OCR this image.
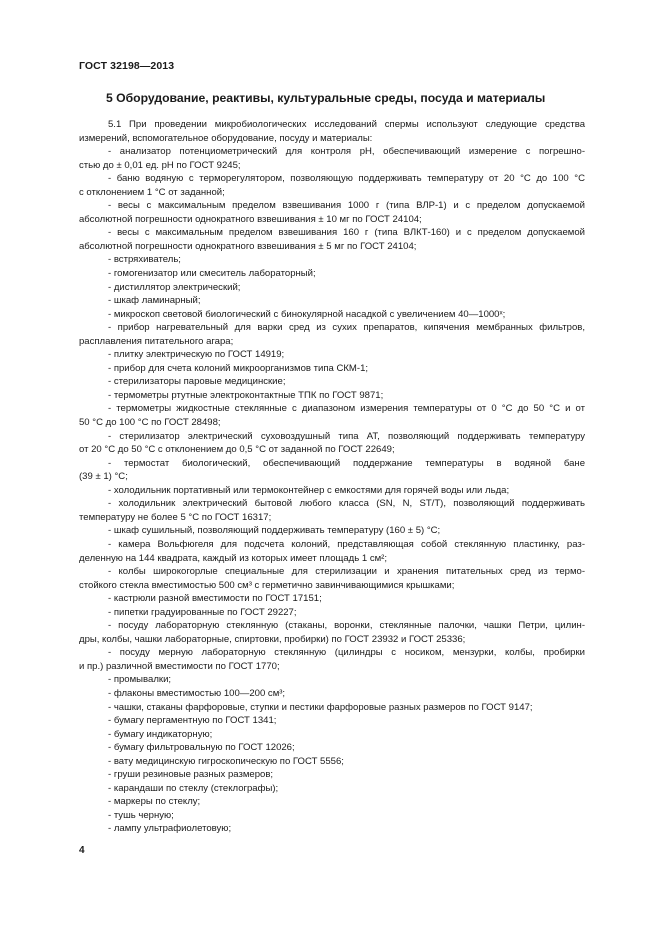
ГОСТ 32198—2013
5 Оборудование, реактивы, культуральные среды, посуда и материалы
5.1 При проведении микробиологических исследований спермы используют следующие средства
измерений, вспомогательное оборудование, посуду и материалы:
- анализатор потенциометрический для контроля рН, обеспечивающий измерение с погрешно-
стью до ± 0,01 ед. рН по ГОСТ 9245;
- баню водяную с терморегулятором, позволяющую поддерживать температуру от 20 °С до 100 °С
с отклонением 1 °С от заданной;
- весы с максимальным пределом взвешивания 1000 г (типа ВЛР-1) и с пределом допускаемой
абсолютной погрешности однократного взвешивания ± 10 мг по ГОСТ 24104;
- весы с максимальным пределом взвешивания 160 г (типа ВЛКТ-160) и с пределом допускаемой
абсолютной погрешности однократного взвешивания ± 5 мг по ГОСТ 24104;
- встряхиватель;
- гомогенизатор или смеситель лабораторный;
- дистиллятор электрический;
- шкаф ламинарный;
- микроскоп световой биологический с бинокулярной насадкой с увеличением 40—1000ˣ;
- прибор нагревательный для варки сред из сухих препаратов, кипячения мембранных фильтров,
расплавления питательного агара;
- плитку электрическую по ГОСТ 14919;
- прибор для счета колоний микроорганизмов типа СКМ-1;
- стерилизаторы паровые медицинские;
- термометры ртутные электроконтактные ТПК по ГОСТ 9871;
- термометры жидкостные стеклянные с диапазоном измерения температуры от 0 °С до 50 °С и от
50 °С до 100 °С по ГОСТ 28498;
- стерилизатор электрический суховоздушный типа АТ, позволяющий поддерживать температуру
от 20 °С до 50 °С с отклонением до 0,5 °С от заданной по ГОСТ 22649;
- термостат биологический, обеспечивающий поддержание температуры в водяной бане
(39 ± 1) °С;
- холодильник портативный или термоконтейнер с емкостями для горячей воды или льда;
- холодильник электрический бытовой любого класса (SN, N, ST/T), позволяющий поддерживать
температуру не более 5 °С по ГОСТ 16317;
- шкаф сушильный, позволяющий поддерживать температуру (160 ± 5) °С;
- камера Вольфюгеля для подсчета колоний, представляющая собой стеклянную пластинку, раз-
деленную на 144 квадрата, каждый из которых имеет площадь 1 см²;
- колбы широкогорлые специальные для стерилизации и хранения питательных сред из термо-
стойкого стекла вместимостью 500 см³ с герметично завинчивающимися крышками;
- кастрюли разной вместимости по ГОСТ 17151;
- пипетки градуированные по ГОСТ 29227;
- посуду лабораторную стеклянную (стаканы, воронки, стеклянные палочки, чашки Петри, цилин-
дры, колбы, чашки лабораторные, спиртовки, пробирки) по ГОСТ 23932 и ГОСТ 25336;
- посуду мерную лабораторную стеклянную (цилиндры с носиком, мензурки, колбы, пробирки
и пр.) различной вместимости по ГОСТ 1770;
- промывалки;
- флаконы вместимостью 100—200 см³;
- чашки, стаканы фарфоровые, ступки и пестики фарфоровые разных размеров по ГОСТ 9147;
- бумагу пергаментную по ГОСТ 1341;
- бумагу индикаторную;
- бумагу фильтровальную по ГОСТ 12026;
- вату медицинскую гигроскопическую по ГОСТ 5556;
- груши резиновые разных размеров;
- карандаши по стеклу (стеклографы);
- маркеры по стеклу;
- тушь черную;
- лампу ультрафиолетовую;
4
